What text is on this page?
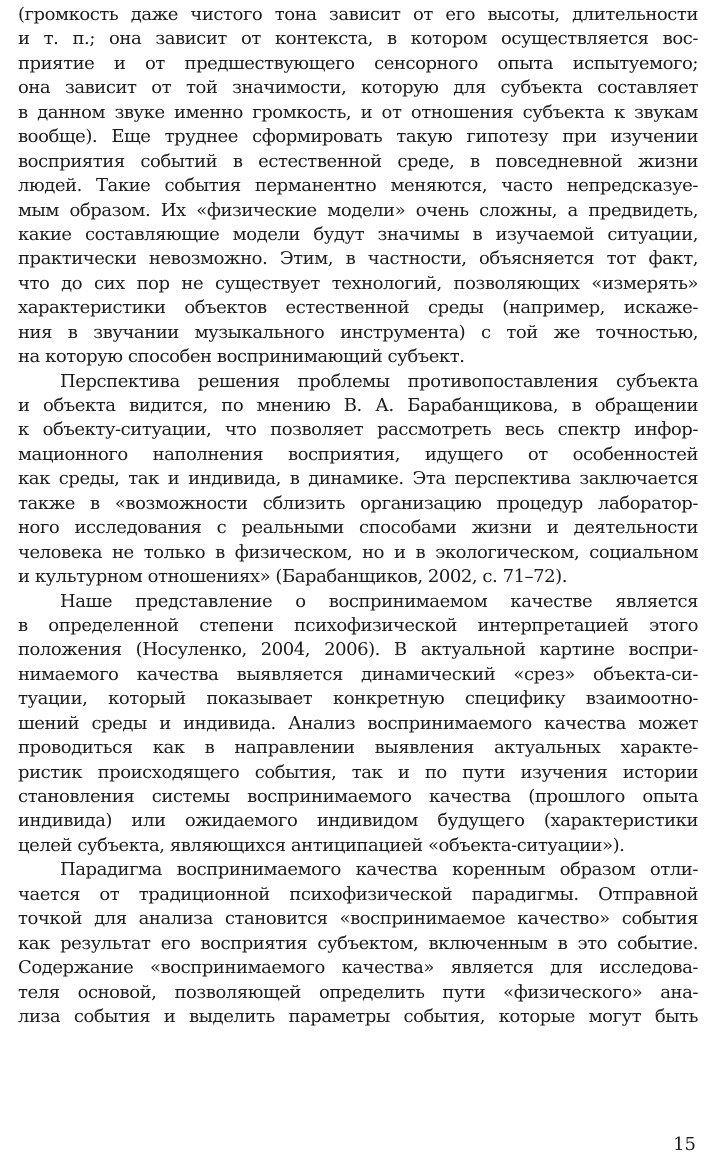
(громкость даже чистого тона зависит от его высоты, длительности
и т. п.; она зависит от контекста, в котором осуществляется вос-
приятие и от предшествующего сенсорного опыта испытуемого;
она зависит от той значимости, которую для субъекта составляет
в данном звуке именно громкость, и от отношения субъекта к звукам
вообще). Еще труднее сформировать такую гипотезу при изучении
восприятия событий в естественной среде, в повседневной жизни
людей. Такие события перманентно меняются, часто непредсказуе-
мым образом. Их «физические модели» очень сложны, а предвидеть,
какие составляющие модели будут значимы в изучаемой ситуации,
практически невозможно. Этим, в частности, объясняется тот факт,
что до сих пор не существует технологий, позволяющих «измерять»
характеристики объектов естественной среды (например, искаже-
ния в звучании музыкального инструмента) с той же точностью,
на которую способен воспринимающий субъект.
Перспектива решения проблемы противопоставления субъекта
и объекта видится, по мнению В. А. Барабанщикова, в обращении
к объекту-ситуации, что позволяет рассмотреть весь спектр инфор-
мационного наполнения восприятия, идущего от особенностей
как среды, так и индивида, в динамике. Эта перспектива заключается
также в «возможности сблизить организацию процедур лаборатор-
ного исследования с реальными способами жизни и деятельности
человека не только в физическом, но и в экологическом, социальном
и культурном отношениях» (Барабанщиков, 2002, с. 71–72).
Наше представление о воспринимаемом качестве является
в определенной степени психофизической интерпретацией этого
положения (Носуленко, 2004, 2006). В актуальной картине воспри-
нимаемого качества выявляется динамический «срез» объекта-си-
туации, который показывает конкретную специфику взаимоотно-
шений среды и индивида. Анализ воспринимаемого качества может
проводиться как в направлении выявления актуальных характе-
ристик происходящего события, так и по пути изучения истории
становления системы воспринимаемого качества (прошлого опыта
индивида) или ожидаемого индивидом будущего (характеристики
целей субъекта, являющихся антиципацией «объекта-ситуации»).
Парадигма воспринимаемого качества коренным образом отли-
чается от традиционной психофизической парадигмы. Отправной
точкой для анализа становится «воспринимаемое качество» события
как результат его восприятия субъектом, включенным в это событие.
Содержание «воспринимаемого качества» является для исследова-
теля основой, позволяющей определить пути «физического» ана-
лиза события и выделить параметры события, которые могут быть
15
